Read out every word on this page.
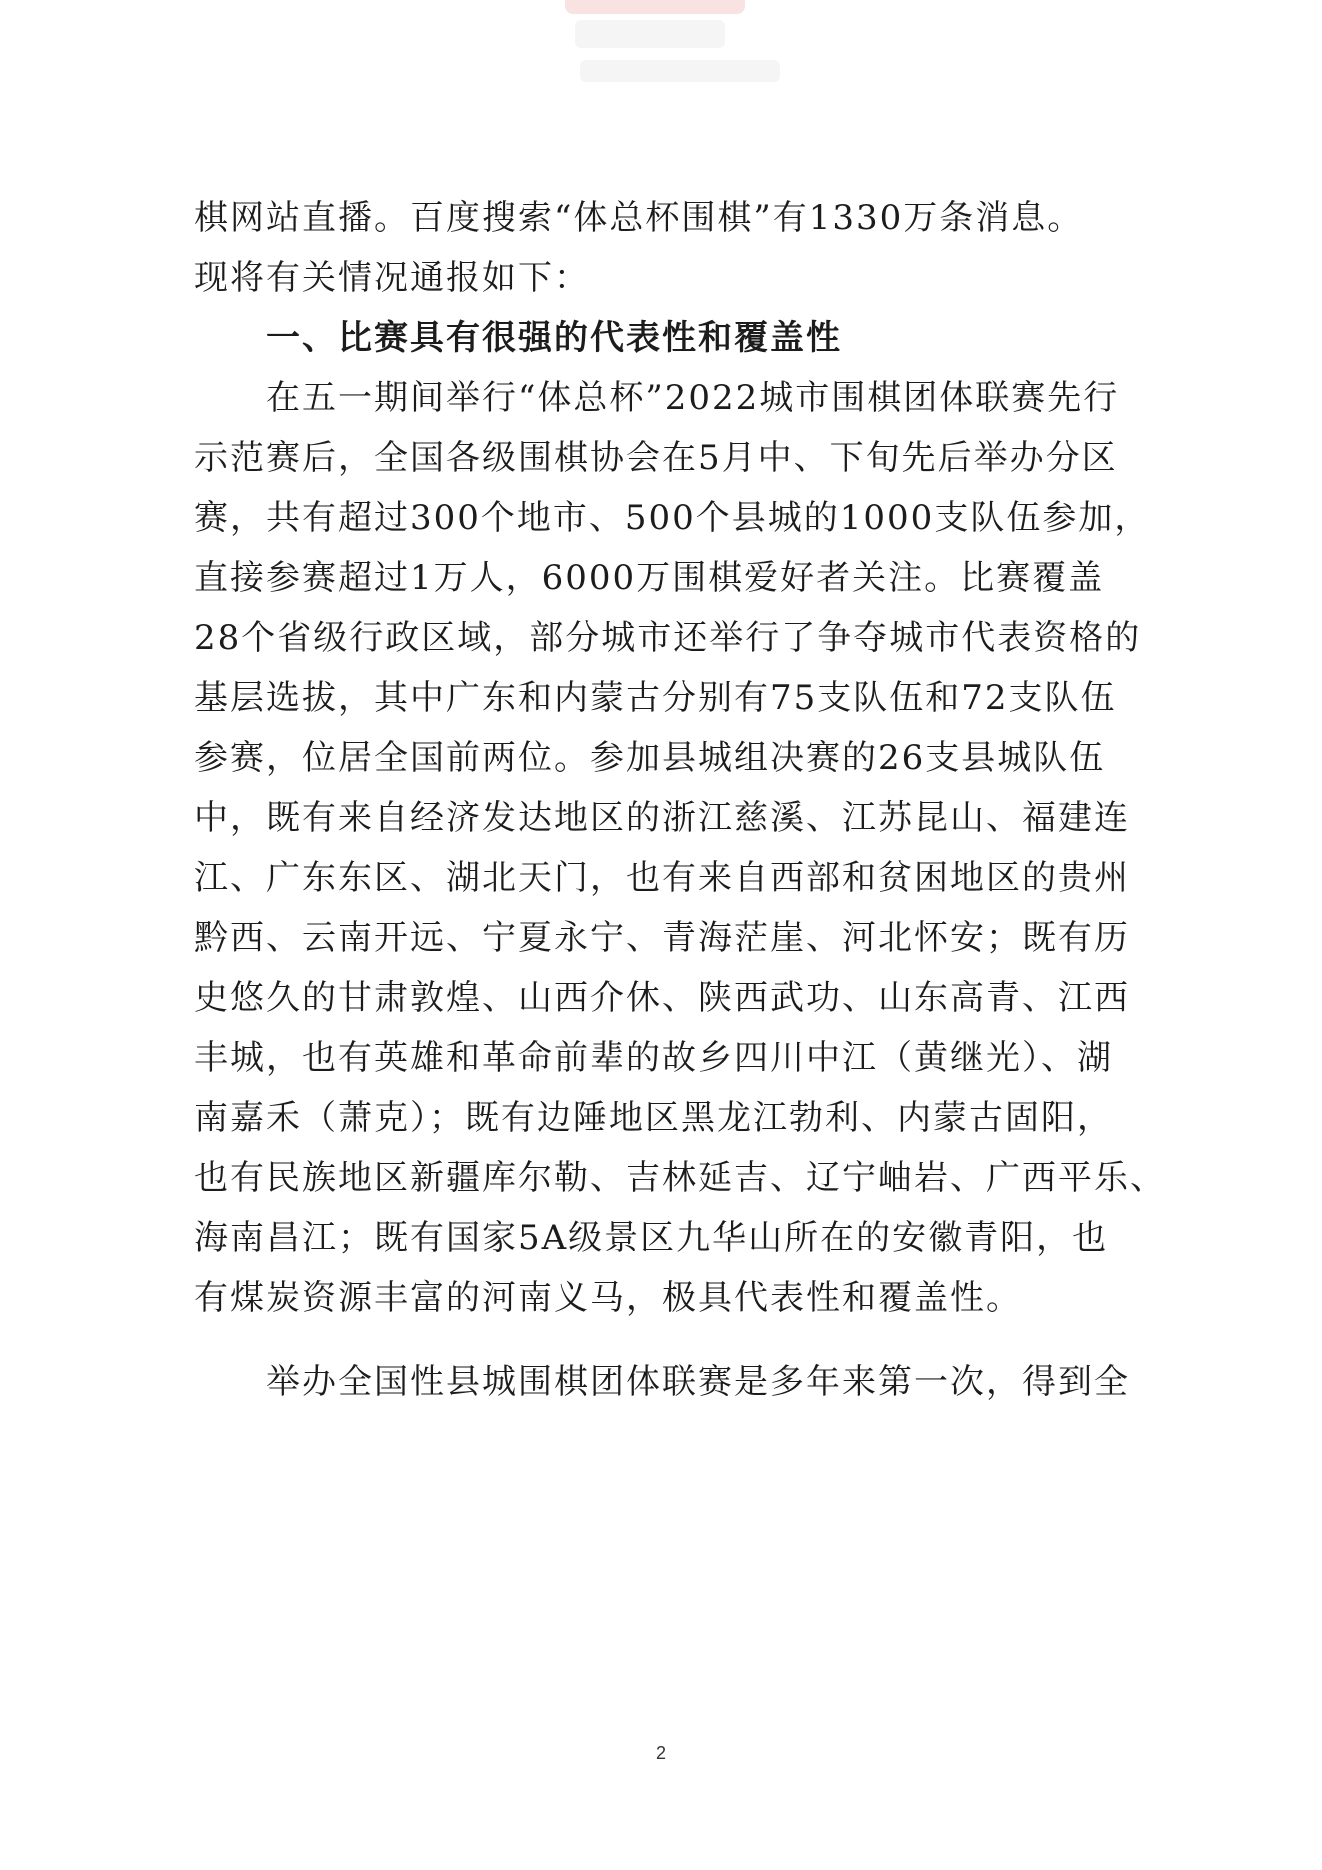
棋网站直播。百度搜索“体总杯围棋”有1330万条消息。
现将有关情况通报如下：
一、比赛具有很强的代表性和覆盖性
在五一期间举行“体总杯”2022城市围棋团体联赛先行
示范赛后，全国各级围棋协会在5月中、下旬先后举办分区
赛，共有超过300个地市、500个县城的1000支队伍参加，
直接参赛超过1万人，6000万围棋爱好者关注。比赛覆盖
28个省级行政区域，部分城市还举行了争夺城市代表资格的
基层选拔，其中广东和内蒙古分别有75支队伍和72支队伍
参赛，位居全国前两位。参加县城组决赛的26支县城队伍
中，既有来自经济发达地区的浙江慈溪、江苏昆山、福建连
江、广东东区、湖北天门，也有来自西部和贫困地区的贵州
黔西、云南开远、宁夏永宁、青海茫崖、河北怀安；既有历
史悠久的甘肃敦煌、山西介休、陕西武功、山东高青、江西
丰城，也有英雄和革命前辈的故乡四川中江（黄继光）、湖
南嘉禾（萧克）；既有边陲地区黑龙江勃利、内蒙古固阳，
也有民族地区新疆库尔勒、吉林延吉、辽宁岫岩、广西平乐、
海南昌江；既有国家5A级景区九华山所在的安徽青阳，也
有煤炭资源丰富的河南义马，极具代表性和覆盖性。
举办全国性县城围棋团体联赛是多年来第一次，得到全
2
